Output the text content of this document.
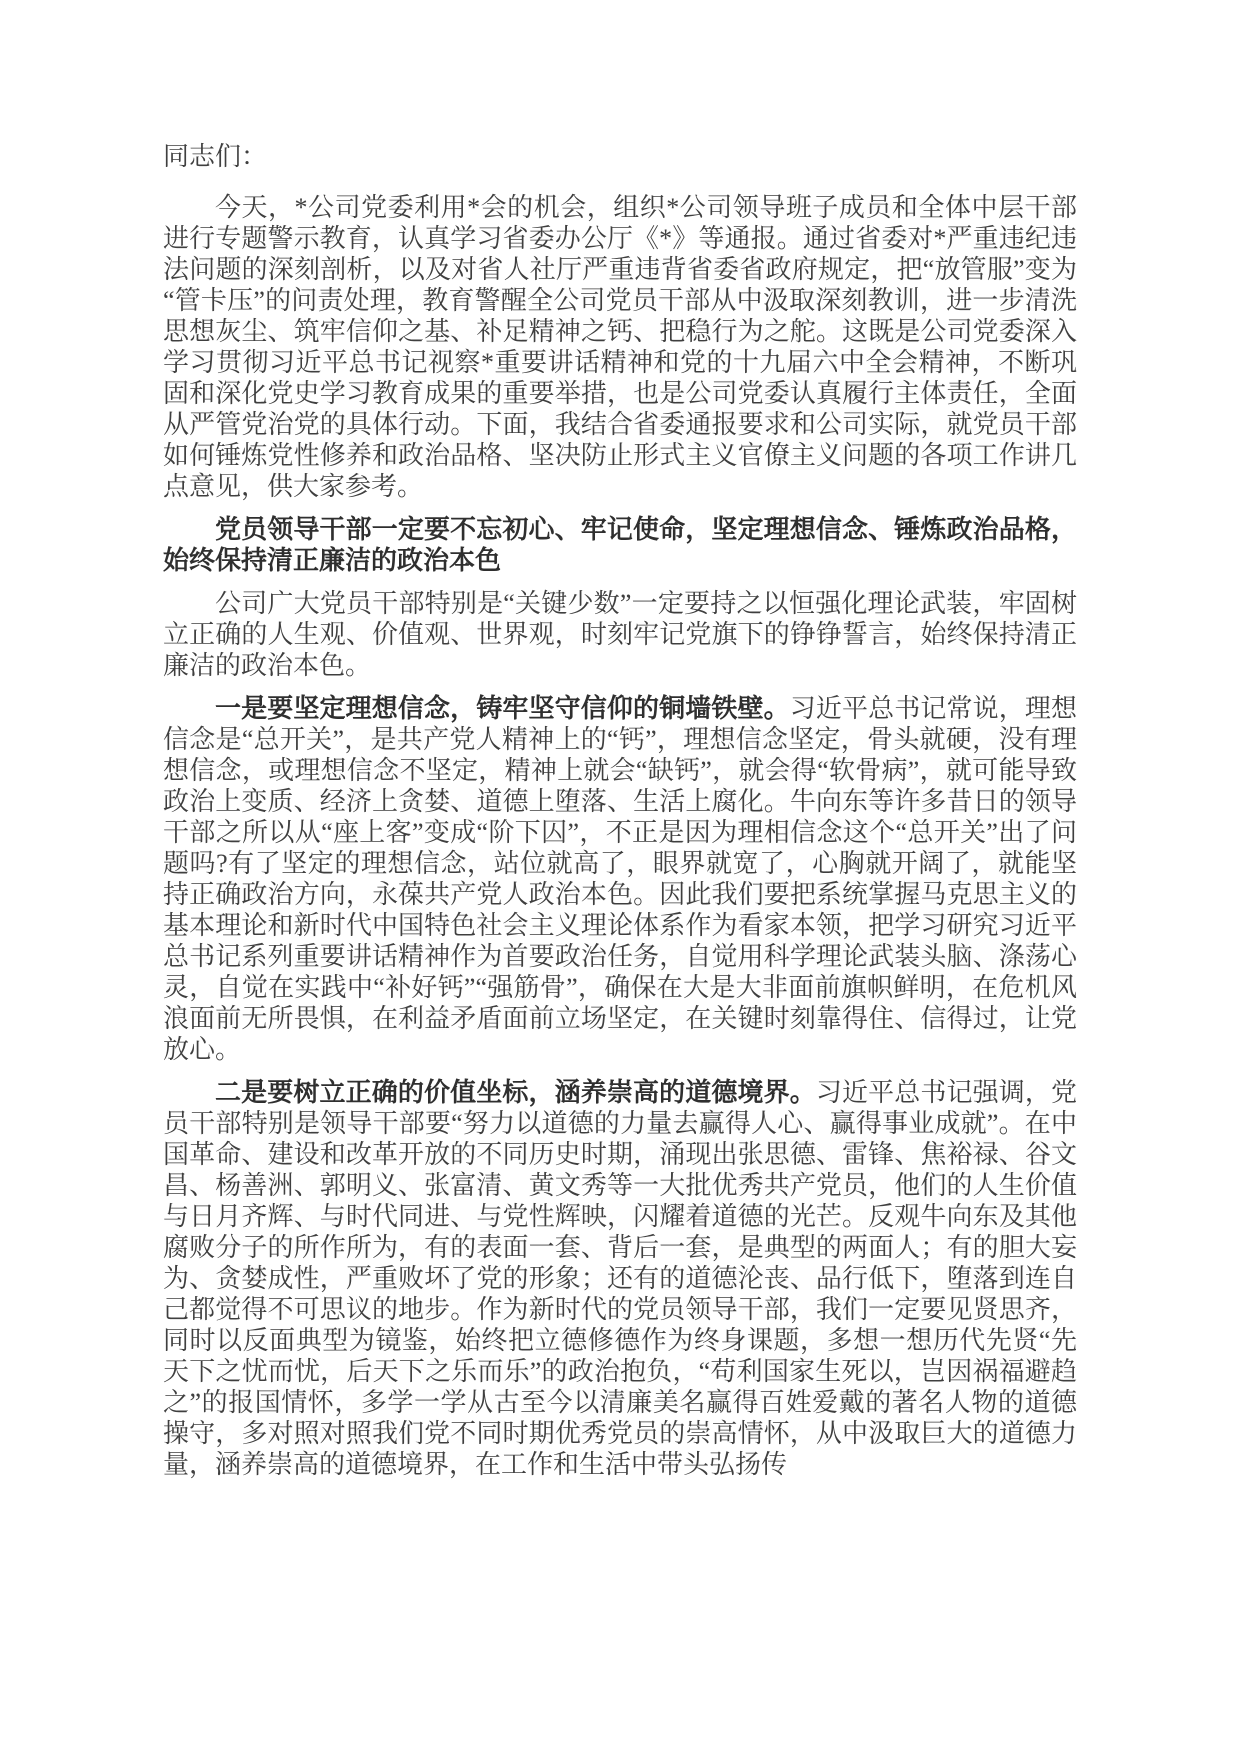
同志们：

今天，*公司党委利用*会的机会，组织*公司领导班子成员和全体中层干部进行专题警示教育，认真学习省委办公厅《*》等通报。通过省委对*严重违纪违法问题的深刻剖析，以及对省人社厅严重违背省委省政府规定，把“放管服”变为“管卡压”的问责处理，教育警醒全公司党员干部从中汲取深刻教训，进一步清洗思想灰尘、筑牢信仰之基、补足精神之钙、把稳行为之舵。这既是公司党委深入学习贯彻习近平总书记视察*重要讲话精神和党的十九届六中全会精神，不断巩固和深化党史学习教育成果的重要举措，也是公司党委认真履行主体责任，全面从严管党治党的具体行动。下面，我结合省委通报要求和公司实际，就党员干部如何锤炼党性修养和政治品格、坚决防止形式主义官僚主义问题的各项工作讲几点意见，供大家参考。

党员领导干部一定要不忘初心、牢记使命，坚定理想信念、锤炼政治品格，始终保持清正廉洁的政治本色

公司广大党员干部特别是“关键少数”一定要持之以恒强化理论武装，牢固树立正确的人生观、价值观、世界观，时刻牢记党旗下的铮铮誓言，始终保持清正廉洁的政治本色。

一是要坚定理想信念，铸牢坚守信仰的铜墙铁壁。习近平总书记常说，理想信念是“总开关”，是共产党人精神上的“钙”，理想信念坚定，骨头就硬，没有理想信念，或理想信念不坚定，精神上就会“缺钙”，就会得“软骨病”，就可能导致政治上变质、经济上贪婪、道德上堕落、生活上腐化。牛向东等许多昔日的领导干部之所以从“座上客”变成“阶下囚”，不正是因为理相信念这个“总开关”出了问题吗?有了坚定的理想信念，站位就高了，眼界就宽了，心胸就开阔了，就能坚持正确政治方向，永葆共产党人政治本色。因此我们要把系统掌握马克思主义的基本理论和新时代中国特色社会主义理论体系作为看家本领，把学习研究习近平总书记系列重要讲话精神作为首要政治任务，自觉用科学理论武装头脑、涤荡心灵，自觉在实践中“补好钙”“强筋骨”，确保在大是大非面前旗帜鲜明，在危机风浪面前无所畏惧，在利益矛盾面前立场坚定，在关键时刻靠得住、信得过，让党放心。

二是要树立正确的价值坐标，涵养崇高的道德境界。习近平总书记强调，党员干部特别是领导干部要“努力以道德的力量去赢得人心、赢得事业成就”。在中国革命、建设和改革开放的不同历史时期，涌现出张思德、雷锋、焦裕禄、谷文昌、杨善洲、郭明义、张富清、黄文秀等一大批优秀共产党员，他们的人生价值与日月齐辉、与时代同进、与党性辉映，闪耀着道德的光芒。反观牛向东及其他腐败分子的所作所为，有的表面一套、背后一套，是典型的两面人；有的胆大妄为、贪婪成性，严重败坏了党的形象；还有的道德沦丧、品行低下，堕落到连自己都觉得不可思议的地步。作为新时代的党员领导干部，我们一定要见贤思齐，同时以反面典型为镜鉴，始终把立德修德作为终身课题，多想一想历代先贤“先天下之忧而忧，后天下之乐而乐”的政治抱负，“苟利国家生死以，岂因祸福避趋之”的报国情怀，多学一学从古至今以清廉美名赢得百姓爱戴的著名人物的道德操守，多对照对照我们党不同时期优秀党员的崇高情怀，从中汲取巨大的道德力量，涵养崇高的道德境界，在工作和生活中带头弘扬传
